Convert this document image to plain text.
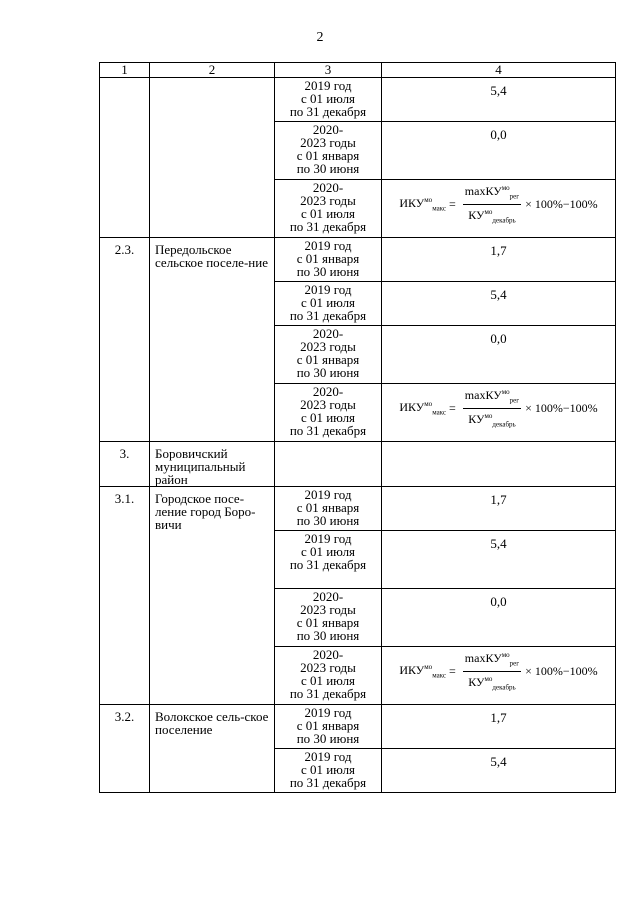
2
1	2	3	4

		2019 год
с 01 июля
по 31 декабря	5,4

		2020-
2023 годы
с 01 января
по 30 июня	0,0

		2020-
2023 годы
с 01 июля
по 31 декабря	$ИКУ^{мо}_{макс} = \frac{\max КУ^{мо}_{рег}}{КУ^{мо}_{декабрь}} \times 100\%-100\%$

2.3.	Передольское сельское поселе-ние	2019 год
с 01 января
по 30 июня	1,7

		2019 год
с 01 июля
по 31 декабря	5,4

		2020-
2023 годы
с 01 января
по 30 июня	0,0

		2020-
2023 годы
с 01 июля
по 31 декабря	$ИКУ^{мо}_{макс} = \frac{\max КУ^{мо}_{рег}}{КУ^{мо}_{декабрь}} \times 100\%-100\%$

3.	Боровичский муниципальный район		
3.1.	Городское посе-ление город Боро-вичи	2019 год
с 01 января
по 30 июня	1,7

		2019 год
с 01 июля
по 31 декабря	5,4

		2020-
2023 годы
с 01 января
по 30 июня	0,0

		2020-
2023 годы
с 01 июля
по 31 декабря	$ИКУ^{мо}_{макс} = \frac{\max КУ^{мо}_{рег}}{КУ^{мо}_{декабрь}} \times 100\%-100\%$

3.2.	Волокское сель-ское поселение	2019 год
с 01 января
по 30 июня	1,7

		2019 год
с 01 июля
по 31 декабря	5,4
